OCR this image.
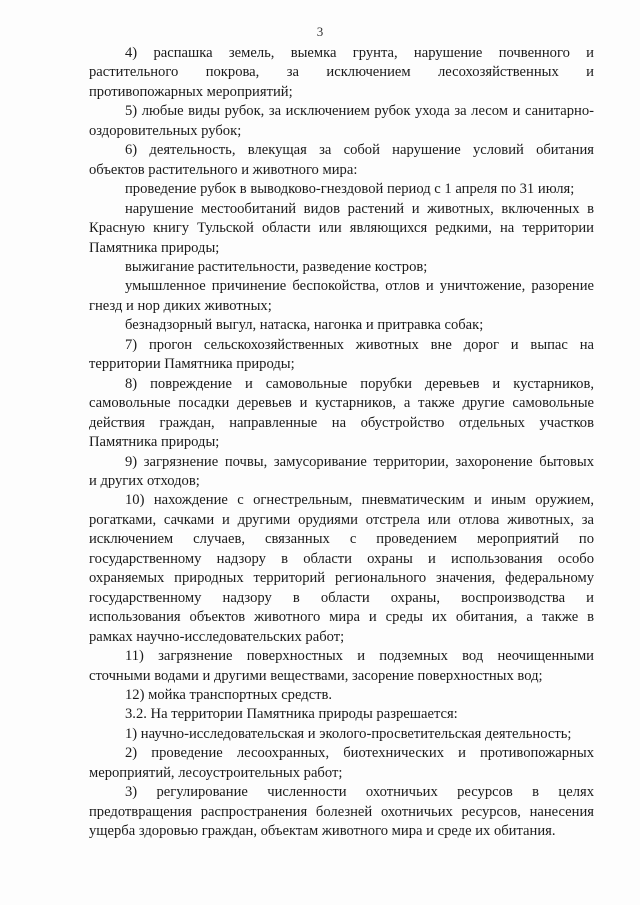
3
4) распашка земель, выемка грунта, нарушение почвенного и
растительного покрова, за исключением лесохозяйственных и
противопожарных мероприятий;
5) любые виды рубок, за исключением рубок ухода за лесом и санитарно-
оздоровительных рубок;
6) деятельность, влекущая за собой нарушение условий обитания
объектов растительного и животного мира:
проведение рубок в выводково-гнездовой период с 1 апреля по 31 июля;
нарушение местообитаний видов растений и животных, включенных в
Красную книгу Тульской области или являющихся редкими, на территории
Памятника природы;
выжигание растительности, разведение костров;
умышленное причинение беспокойства, отлов и уничтожение, разорение
гнезд и нор диких животных;
безнадзорный выгул, натаска, нагонка и притравка собак;
7) прогон сельскохозяйственных животных вне дорог и выпас на
территории Памятника природы;
8) повреждение и самовольные порубки деревьев и кустарников,
самовольные посадки деревьев и кустарников, а также другие самовольные
действия граждан, направленные на обустройство отдельных участков
Памятника природы;
9) загрязнение почвы, замусоривание территории, захоронение бытовых
и других отходов;
10) нахождение с огнестрельным, пневматическим и иным оружием,
рогатками, сачками и другими орудиями отстрела или отлова животных, за
исключением случаев, связанных с проведением мероприятий по
государственному надзору в области охраны и использования особо
охраняемых природных территорий регионального значения, федеральному
государственному надзору в области охраны, воспроизводства и
использования объектов животного мира и среды их обитания, а также в
рамках научно-исследовательских работ;
11) загрязнение поверхностных и подземных вод неочищенными
сточными водами и другими веществами, засорение поверхностных вод;
12) мойка транспортных средств.
3.2. На территории Памятника природы разрешается:
1) научно-исследовательская и эколого-просветительская деятельность;
2) проведение лесоохранных, биотехнических и противопожарных
мероприятий, лесоустроительных работ;
3) регулирование численности охотничьих ресурсов в целях
предотвращения распространения болезней охотничьих ресурсов, нанесения
ущерба здоровью граждан, объектам животного мира и среде их обитания.
